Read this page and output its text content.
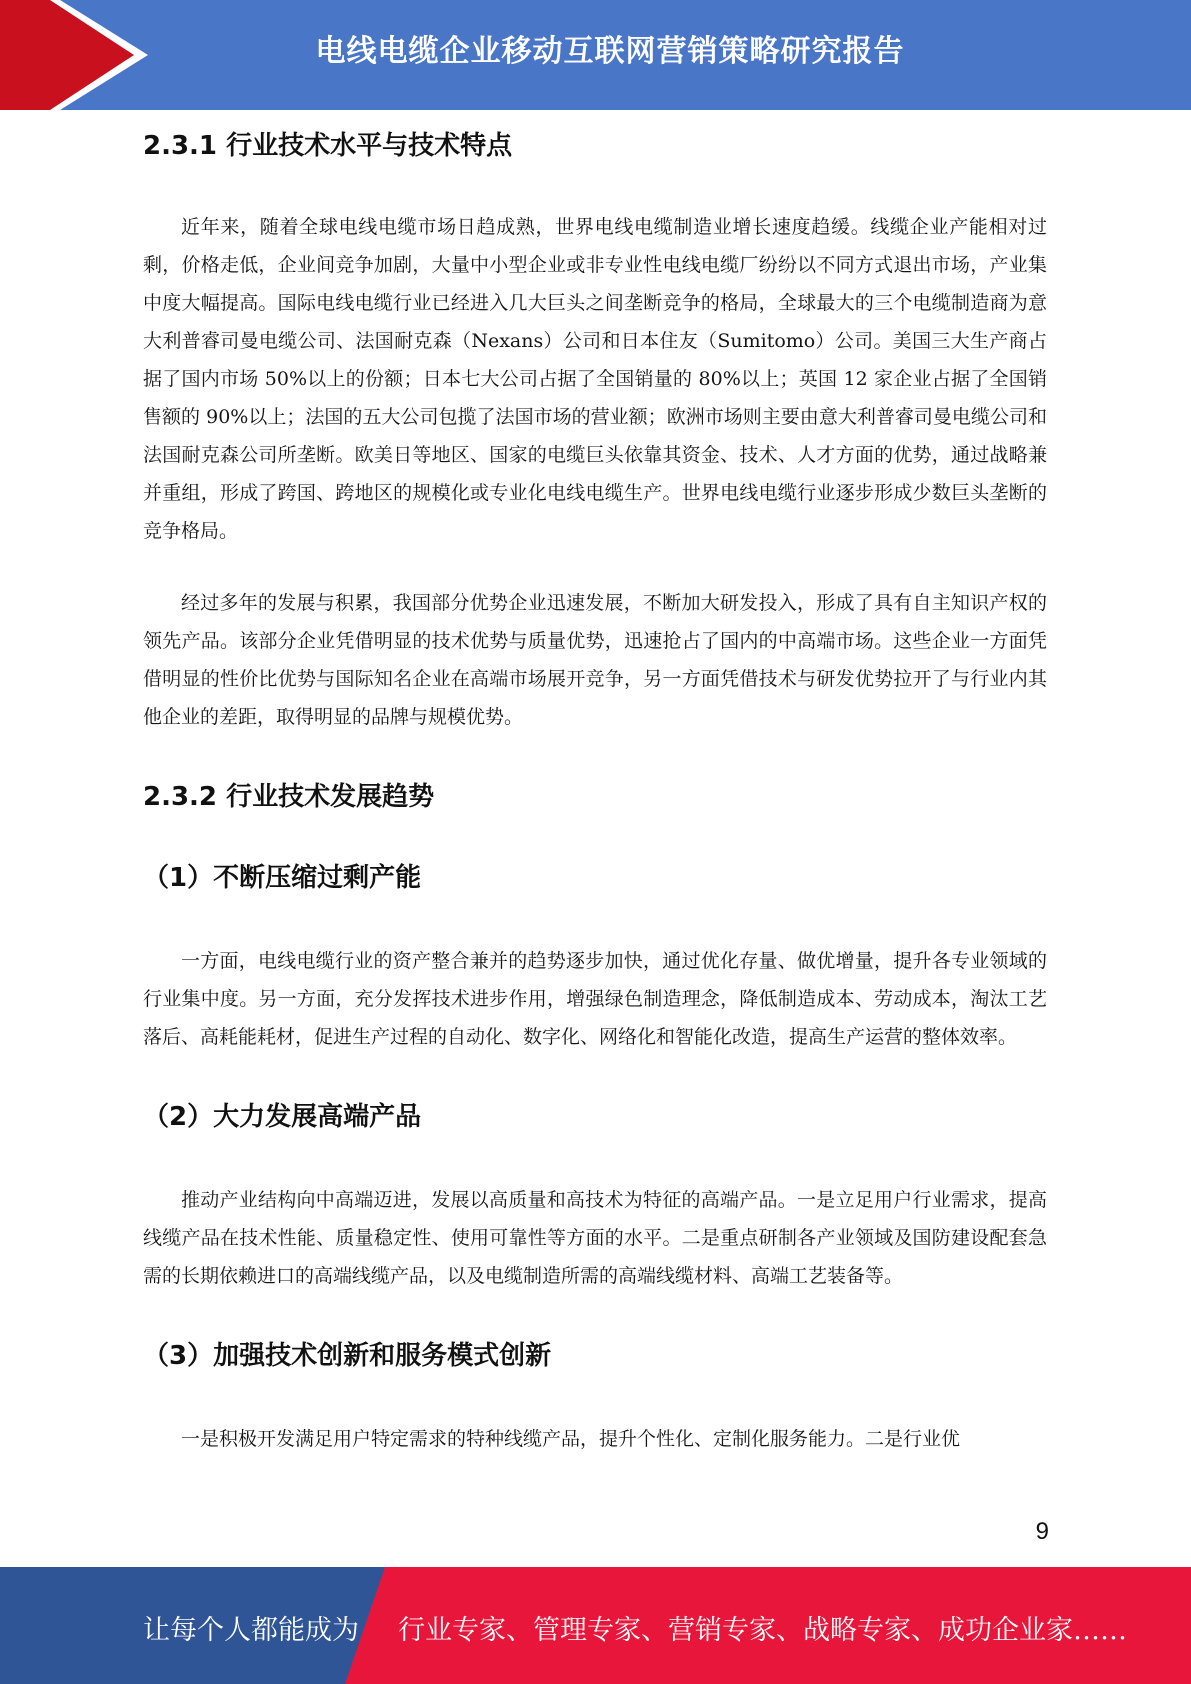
电线电缆企业移动互联网营销策略研究报告
2.3.1 行业技术水平与技术特点

近年来，随着全球电线电缆市场日趋成熟，世界电线电缆制造业增长速度趋缓。线缆企业产能相对过剩，价格走低，企业间竞争加剧，大量中小型企业或非专业性电线电缆厂纷纷以不同方式退出市场，产业集中度大幅提高。国际电线电缆行业已经进入几大巨头之间垄断竞争的格局，全球最大的三个电缆制造商为意大利普睿司曼电缆公司、法国耐克森（Nexans）公司和日本住友（Sumitomo）公司。美国三大生产商占据了国内市场 50%以上的份额；日本七大公司占据了全国销量的 80%以上；英国 12 家企业占据了全国销售额的 90%以上；法国的五大公司包揽了法国市场的营业额；欧洲市场则主要由意大利普睿司曼电缆公司和法国耐克森公司所垄断。欧美日等地区、国家的电缆巨头依靠其资金、技术、人才方面的优势，通过战略兼并重组，形成了跨国、跨地区的规模化或专业化电线电缆生产。世界电线电缆行业逐步形成少数巨头垄断的竞争格局。

经过多年的发展与积累，我国部分优势企业迅速发展，不断加大研发投入，形成了具有自主知识产权的领先产品。该部分企业凭借明显的技术优势与质量优势，迅速抢占了国内的中高端市场。这些企业一方面凭借明显的性价比优势与国际知名企业在高端市场展开竞争，另一方面凭借技术与研发优势拉开了与行业内其他企业的差距，取得明显的品牌与规模优势。

2.3.2 行业技术发展趋势
（1）不断压缩过剩产能

一方面，电线电缆行业的资产整合兼并的趋势逐步加快，通过优化存量、做优增量，提升各专业领域的行业集中度。另一方面，充分发挥技术进步作用，增强绿色制造理念，降低制造成本、劳动成本，淘汰工艺落后、高耗能耗材，促进生产过程的自动化、数字化、网络化和智能化改造，提高生产运营的整体效率。

（2）大力发展高端产品

推动产业结构向中高端迈进，发展以高质量和高技术为特征的高端产品。一是立足用户行业需求，提高线缆产品在技术性能、质量稳定性、使用可靠性等方面的水平。二是重点研制各产业领域及国防建设配套急需的长期依赖进口的高端线缆产品，以及电缆制造所需的高端线缆材料、高端工艺装备等。

（3）加强技术创新和服务模式创新

一是积极开发满足用户特定需求的特种线缆产品，提升个性化、定制化服务能力。二是行业优

9
让每个人都能成为 行业专家、管理专家、营销专家、战略专家、成功企业家……
